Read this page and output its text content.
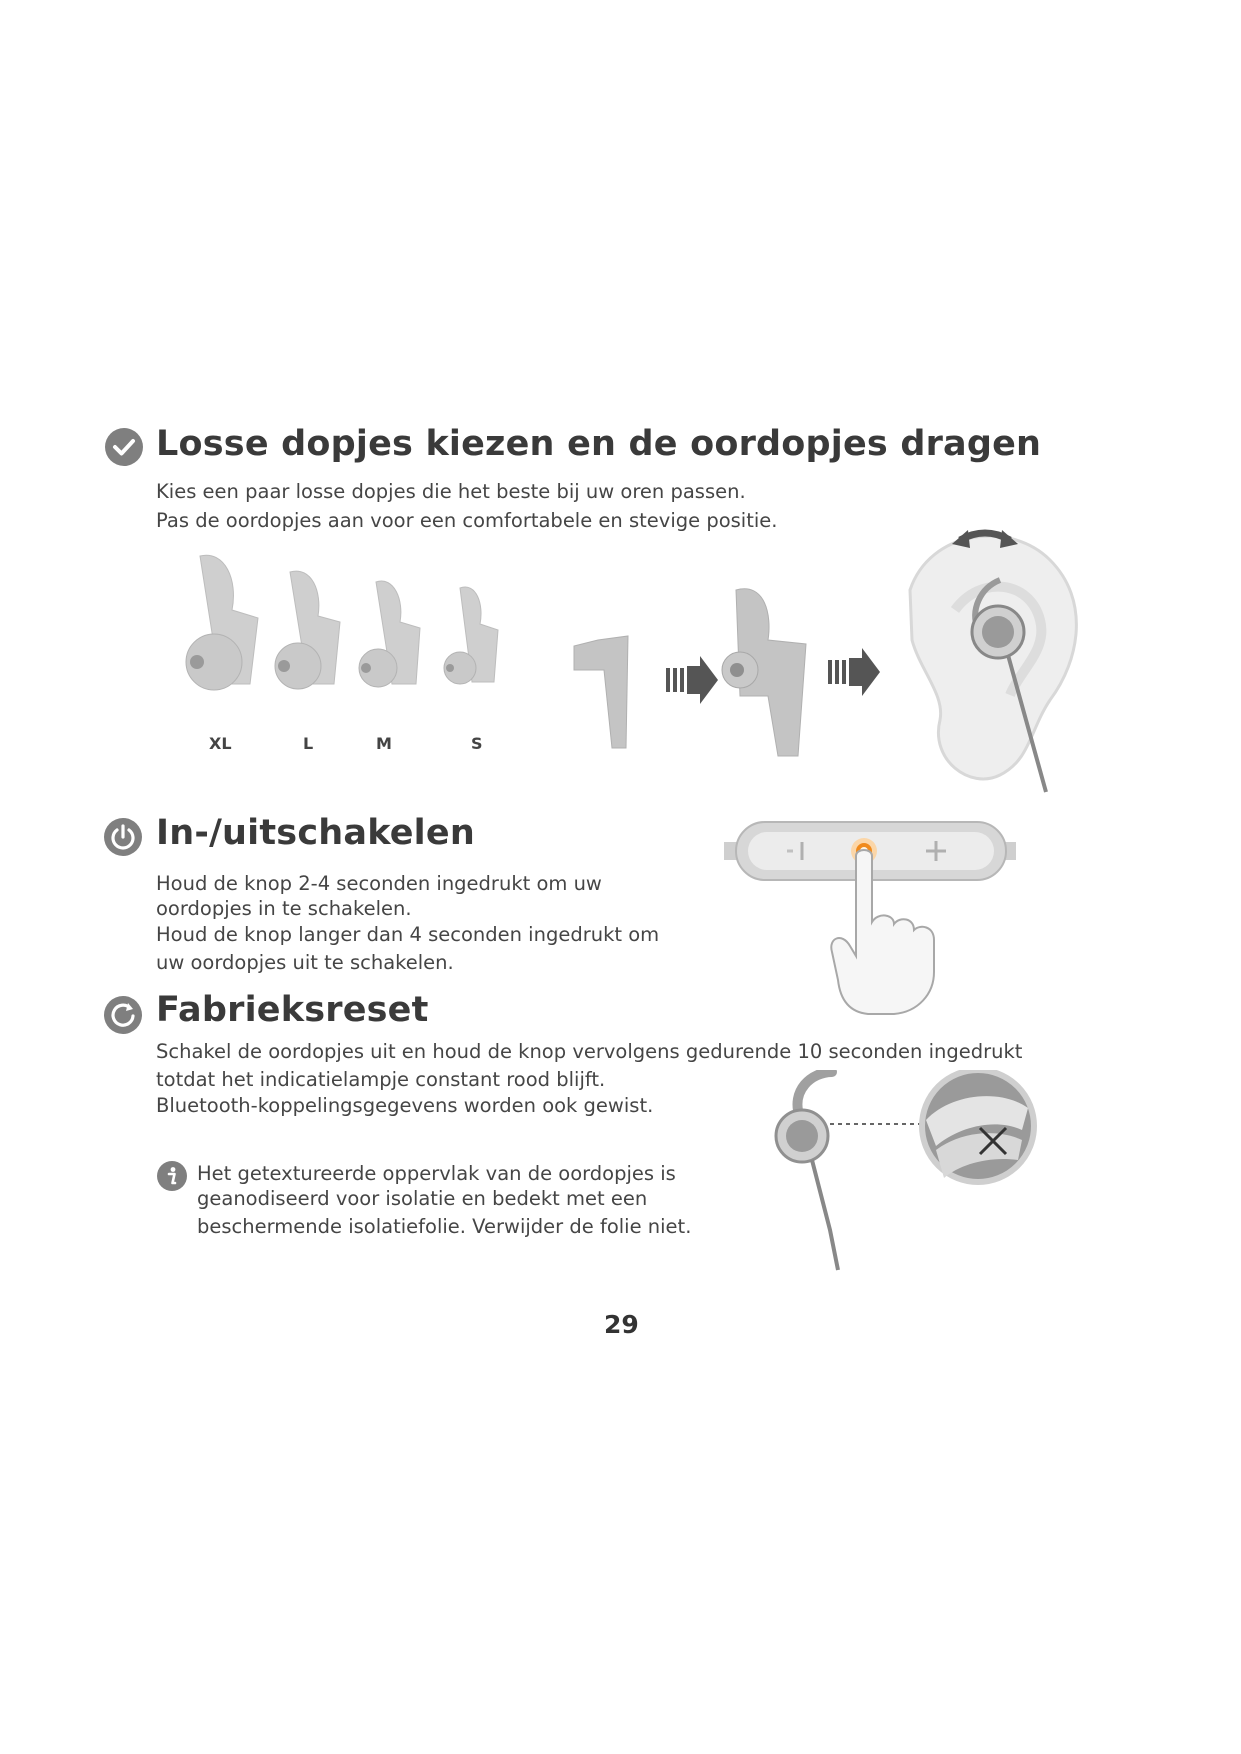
Losse dopjes kiezen en de oordopjes dragen
Kies een paar losse dopjes die het beste bij uw oren passen.
Pas de oordopjes aan voor een comfortabele en stevige positie.
XL	L	M	S
In-/uitschakelen
Houd de knop 2-4 seconden ingedrukt om uw
oordopjes in te schakelen.
Houd de knop langer dan 4 seconden ingedrukt om
uw oordopjes uit te schakelen.
Fabrieksreset
Schakel de oordopjes uit en houd de knop vervolgens gedurende 10 seconden ingedrukt
totdat het indicatielampje constant rood blijft.
Bluetooth-koppelingsgegevens worden ook gewist.
Het getextureerde oppervlak van de oordopjes is
geanodiseerd voor isolatie en bedekt met een
beschermende isolatiefolie. Verwijder de folie niet.
29
